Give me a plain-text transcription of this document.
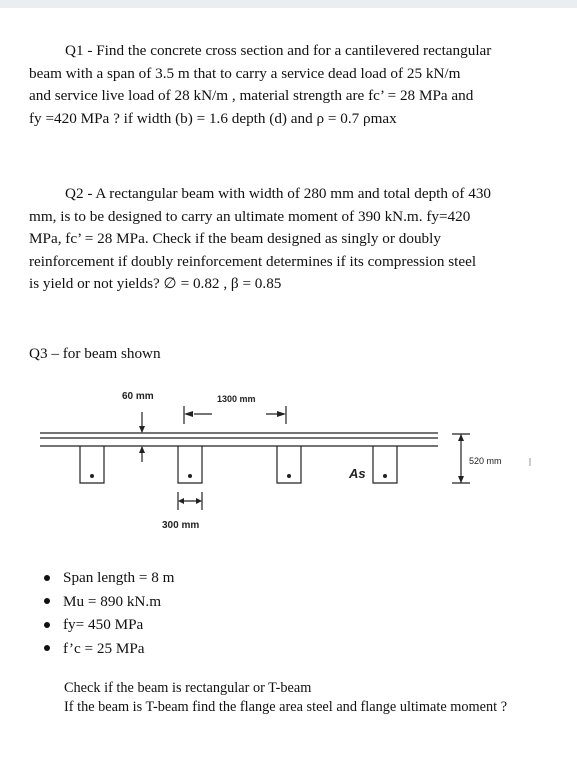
Q1 - Find the concrete cross section and for a cantilevered rectangular
beam with a span of 3.5 m that to carry a service dead load of 25 kN/m
and service live load of 28 kN/m , material strength are fc’ = 28 MPa and
fy =420 MPa ? if width (b) = 1.6 depth (d) and ρ = 0.7 ρmax
Q2 - A rectangular beam with width of 280 mm and total depth of 430
mm, is to be designed to carry an ultimate moment of 390 kN.m. fy=420
MPa, fc’ = 28 MPa. Check if the beam designed as singly or doubly
reinforcement if doubly reinforcement determines if its compression steel
is yield or not yields? ∅ = 0.82 , β = 0.85
Q3 – for beam shown
60 mm	1300 mm
520 mm
300 mm
As
Span length = 8 m
Mu = 890 kN.m
fy= 450 MPa
f’c = 25 MPa
Check if the beam is rectangular or T-beam
If the beam is T-beam find the flange area steel and flange ultimate moment ?
